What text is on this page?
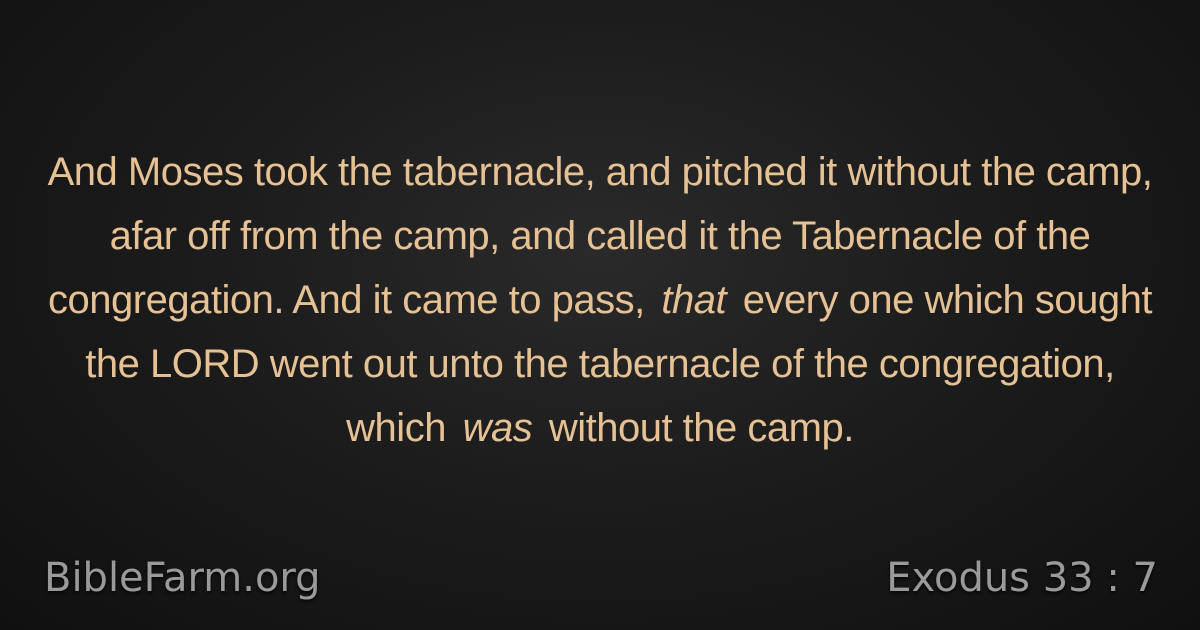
And Moses took the tabernacle, and pitched it without the camp, afar off from the camp, and called it the Tabernacle of the congregation. And it came to pass, that every one which sought the LORD went out unto the tabernacle of the congregation, which was without the camp.
BibleFarm.org	Exodus 33 : 7
